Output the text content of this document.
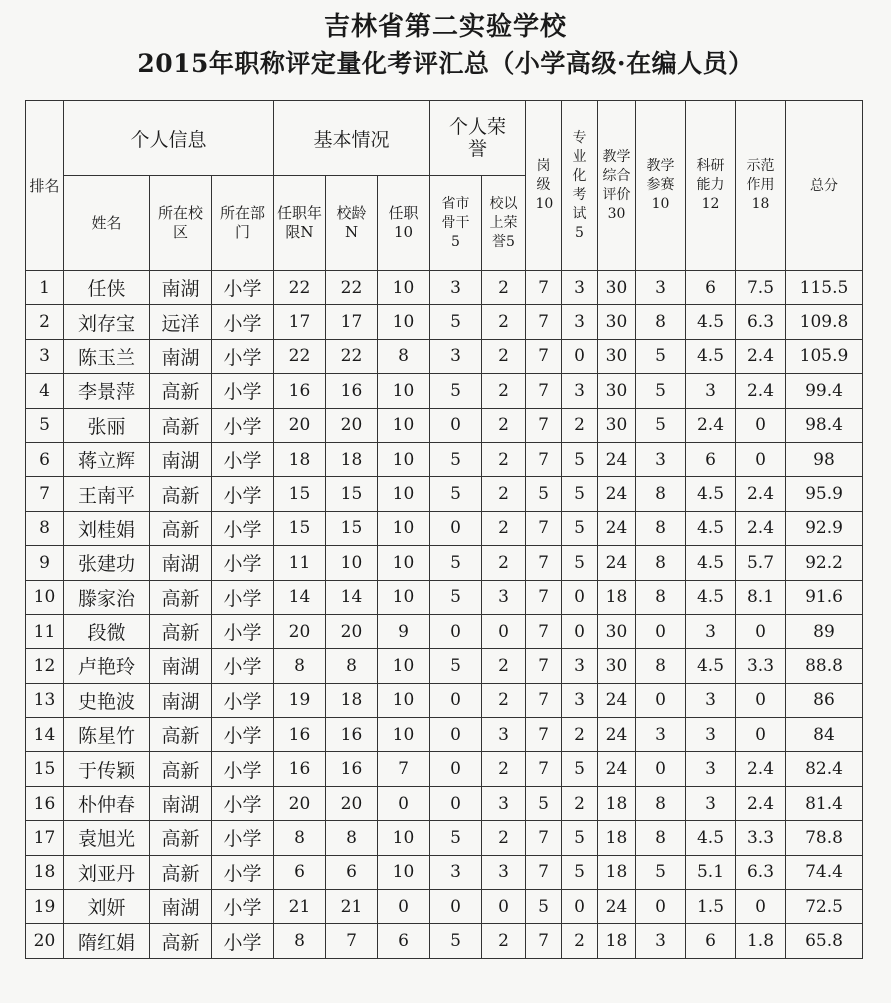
吉林省第二实验学校
2015年职称评定量化考评汇总（小学高级·在编人员）
排名	个人信息			基本情况			个人荣誉		岗级10	专业化考试5	教学综合评价30	教学参赛10	科研能力12	示范作用18	总分
	姓名	所在校区	所在部门	任职年限N	校龄N	任职10	省市骨干5	校以上荣誉5							
1	任侠	南湖	小学	22	22	10	3	2	7	3	30	3	6	7.5	115.5
2	刘存宝	远洋	小学	17	17	10	5	2	7	3	30	8	4.5	6.3	109.8
3	陈玉兰	南湖	小学	22	22	8	3	2	7	0	30	5	4.5	2.4	105.9
4	李景萍	高新	小学	16	16	10	5	2	7	3	30	5	3	2.4	99.4
5	张丽	高新	小学	20	20	10	0	2	7	2	30	5	2.4	0	98.4
6	蒋立辉	南湖	小学	18	18	10	5	2	7	5	24	3	6	0	98
7	王南平	高新	小学	15	15	10	5	2	5	5	24	8	4.5	2.4	95.9
8	刘桂娟	高新	小学	15	15	10	0	2	7	5	24	8	4.5	2.4	92.9
9	张建功	南湖	小学	11	10	10	5	2	7	5	24	8	4.5	5.7	92.2
10	滕家治	高新	小学	14	14	10	5	3	7	0	18	8	4.5	8.1	91.6
11	段微	高新	小学	20	20	9	0	0	7	0	30	0	3	0	89
12	卢艳玲	南湖	小学	8	8	10	5	2	7	3	30	8	4.5	3.3	88.8
13	史艳波	南湖	小学	19	18	10	0	2	7	3	24	0	3	0	86
14	陈星竹	高新	小学	16	16	10	0	3	7	2	24	3	3	0	84
15	于传颖	高新	小学	16	16	7	0	2	7	5	24	0	3	2.4	82.4
16	朴仲春	南湖	小学	20	20	0	0	3	5	2	18	8	3	2.4	81.4
17	袁旭光	高新	小学	8	8	10	5	2	7	5	18	8	4.5	3.3	78.8
18	刘亚丹	高新	小学	6	6	10	3	3	7	5	18	5	5.1	6.3	74.4
19	刘妍	南湖	小学	21	21	0	0	0	5	0	24	0	1.5	0	72.5
20	隋红娟	高新	小学	8	7	6	5	2	7	2	18	3	6	1.8	65.8
